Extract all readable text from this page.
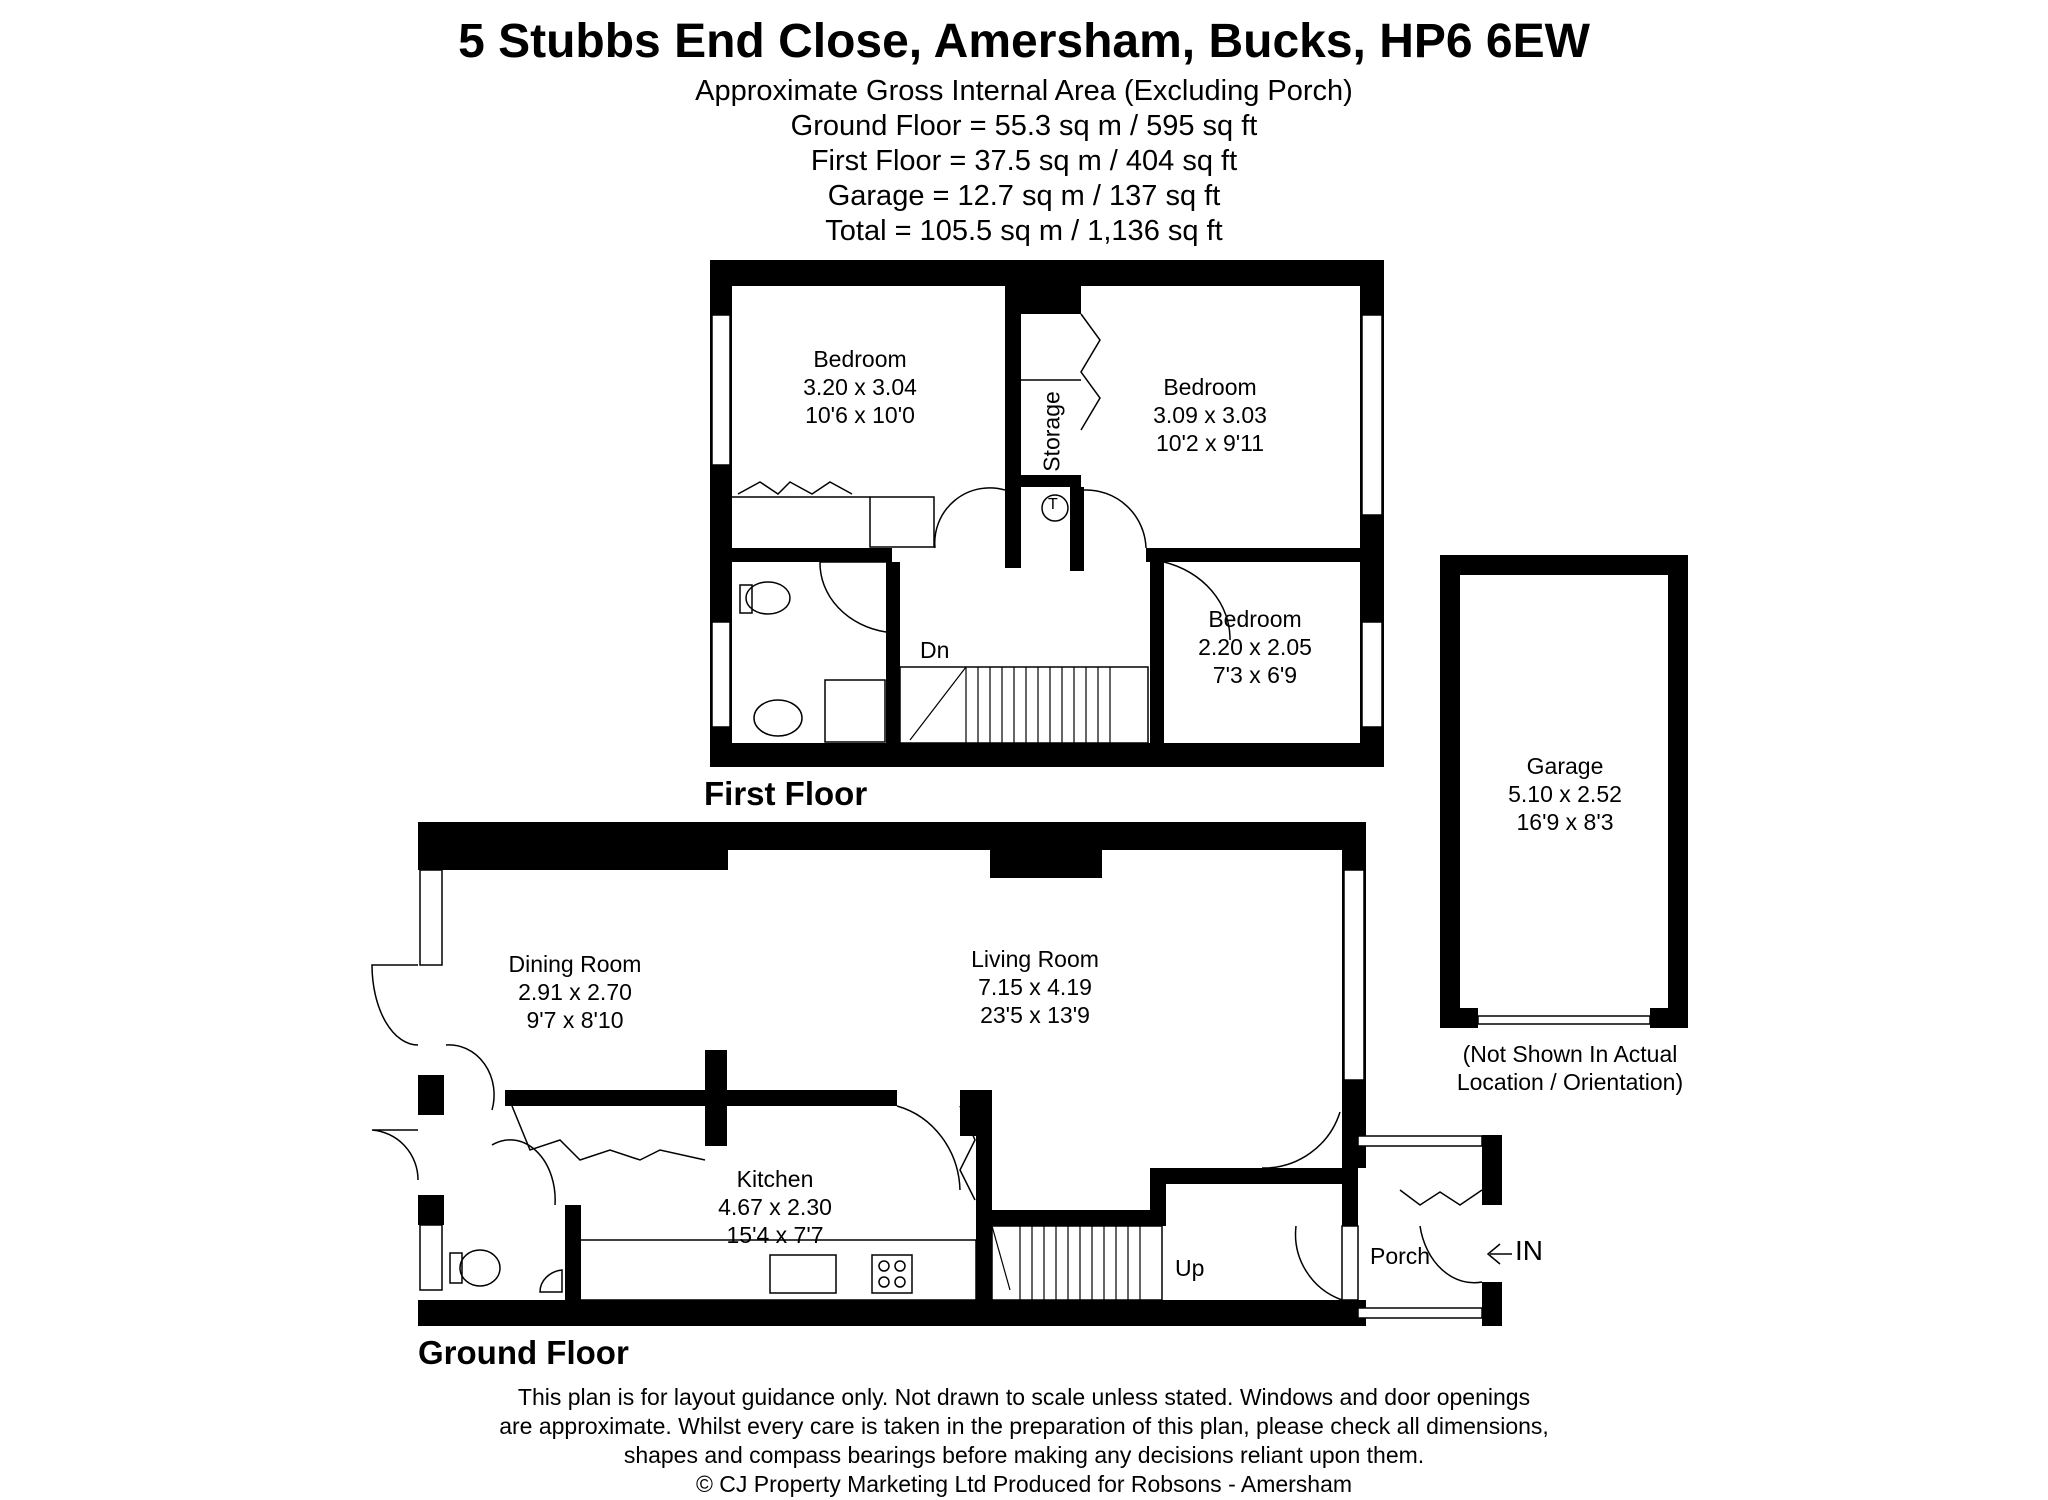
5 Stubbs End Close, Amersham, Bucks, HP6 6EW
Approximate Gross Internal Area (Excluding Porch)
Ground Floor = 55.3 sq m / 595 sq ft
First Floor = 37.5 sq m / 404 sq ft
Garage = 12.7 sq m / 137 sq ft
Total = 105.5 sq m / 1,136 sq ft
Bedroom
3.20 x 3.04
10'6 x 10'0
Bedroom
3.09 x 3.03
10'2 x 9'11
Bedroom
2.20 x 2.05
7'3 x 6'9
Storage
T
Dn
First Floor
Garage
5.10 x 2.52
16'9 x 8'3
(Not Shown In Actual
Location / Orientation)
Dining Room
2.91 x 2.70
9'7 x 8'10
Living Room
7.15 x 4.19
23'5 x 13'9
Kitchen
4.67 x 2.30
15'4 x 7'7
Porch
Up
IN
Ground Floor
This plan is for layout guidance only. Not drawn to scale unless stated. Windows and door openings
are approximate. Whilst every care is taken in the preparation of this plan, please check all dimensions,
shapes and compass bearings before making any decisions reliant upon them.
© CJ Property Marketing Ltd Produced for Robsons - Amersham
